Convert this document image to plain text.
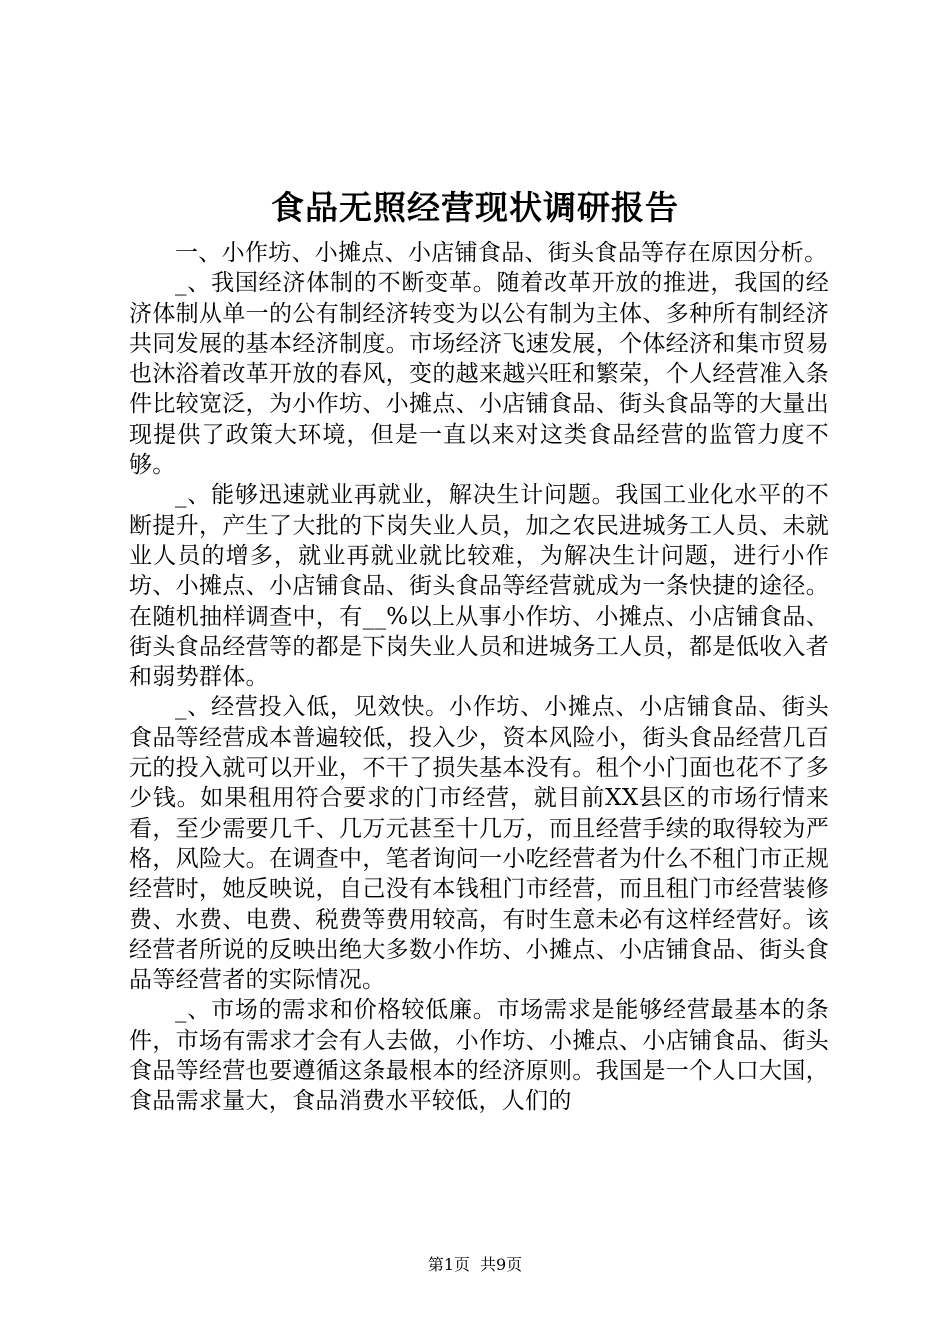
食品无照经营现状调研报告

一、小作坊、小摊点、小店铺食品、街头食品等存在原因分析。

_、我国经济体制的不断变革。随着改革开放的推进，我国的经济体制从单一的公有制经济转变为以公有制为主体、多种所有制经济共同发展的基本经济制度。市场经济飞速发展，个体经济和集市贸易也沐浴着改革开放的春风，变的越来越兴旺和繁荣，个人经营准入条件比较宽泛，为小作坊、小摊点、小店铺食品、街头食品等的大量出现提供了政策大环境，但是一直以来对这类食品经营的监管力度不够。

_、能够迅速就业再就业，解决生计问题。我国工业化水平的不断提升，产生了大批的下岗失业人员，加之农民进城务工人员、未就业人员的增多，就业再就业就比较难，为解决生计问题，进行小作坊、小摊点、小店铺食品、街头食品等经营就成为一条快捷的途径。在随机抽样调查中，有__%以上从事小作坊、小摊点、小店铺食品、街头食品经营等的都是下岗失业人员和进城务工人员，都是低收入者和弱势群体。

_、经营投入低，见效快。小作坊、小摊点、小店铺食品、街头食品等经营成本普遍较低，投入少，资本风险小，街头食品经营几百元的投入就可以开业，不干了损失基本没有。租个小门面也花不了多少钱。如果租用符合要求的门市经营，就目前XX县区的市场行情来看，至少需要几千、几万元甚至十几万，而且经营手续的取得较为严格，风险大。在调查中，笔者询问一小吃经营者为什么不租门市正规经营时，她反映说，自己没有本钱租门市经营，而且租门市经营装修费、水费、电费、税费等费用较高，有时生意未必有这样经营好。该经营者所说的反映出绝大多数小作坊、小摊点、小店铺食品、街头食品等经营者的实际情况。

_、市场的需求和价格较低廉。市场需求是能够经营最基本的条件，市场有需求才会有人去做，小作坊、小摊点、小店铺食品、街头食品等经营也要遵循这条最根本的经济原则。我国是一个人口大国，食品需求量大，食品消费水平较低，人们的

第1页 共9页
